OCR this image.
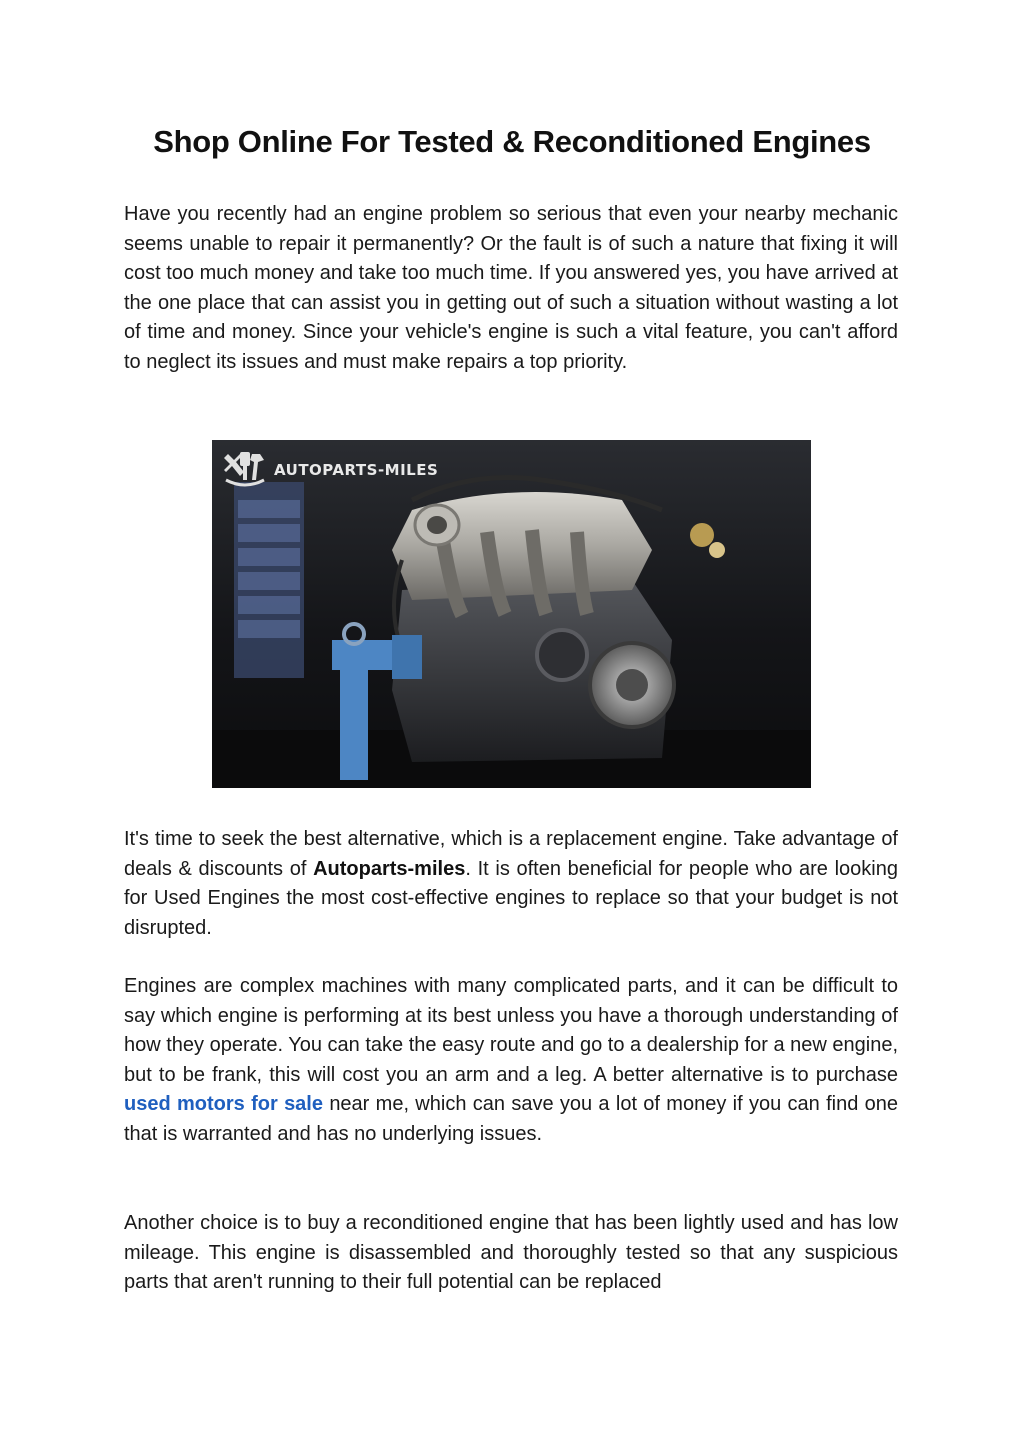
Shop Online For Tested & Reconditioned Engines

Have you recently had an engine problem so serious that even your nearby mechanic seems unable to repair it permanently? Or the fault is of such a nature that fixing it will cost too much money and take too much time. If you answered yes, you have arrived at the one place that can assist you in getting out of such a situation without wasting a lot of time and money. Since your vehicle's engine is such a vital feature, you can't afford to neglect its issues and must make repairs a top priority.

AUTOPARTS-MILES

It's time to seek the best alternative, which is a replacement engine. Take advantage of deals & discounts of Autoparts-miles. It is often beneficial for people who are looking for Used Engines the most cost-effective engines to replace so that your budget is not disrupted.

Engines are complex machines with many complicated parts, and it can be difficult to say which engine is performing at its best unless you have a thorough understanding of how they operate. You can take the easy route and go to a dealership for a new engine, but to be frank, this will cost you an arm and a leg. A better alternative is to purchase used motors for sale near me, which can save you a lot of money if you can find one that is warranted and has no underlying issues.

Another choice is to buy a reconditioned engine that has been lightly used and has low mileage. This engine is disassembled and thoroughly tested so that any suspicious parts that aren't running to their full potential can be replaced
